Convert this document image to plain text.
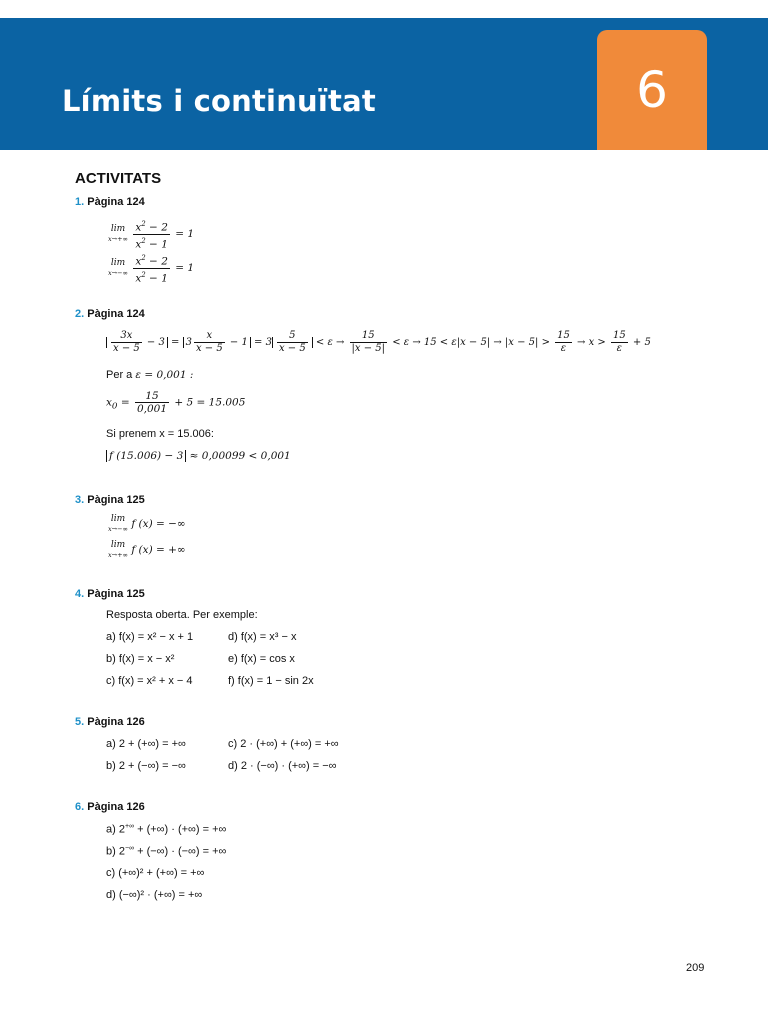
Límits i continuïtat	6
ACTIVITATS
1. Pàgina 124
lim
x→+∞
$\frac{x^2 - 2}{x^2 - 1} = 1$
lim
x→−∞
$\frac{x^2 - 2}{x^2 - 1} = 1$
2. Pàgina 124
$\frac{3x}{x - 5} - 3 = 3 \frac{x}{x - 5} - 1 = 3 \frac{5}{x - 5} < \varepsilon \to \frac{15}{|x - 5|} < \varepsilon \to 15 < \varepsilon|x - 5| \to |x - 5| > \frac{15}{\varepsilon} \to x > \frac{15}{\varepsilon} + 5$
Per a ε = 0,001 :
$x_0 = \frac{15}{0,001} + 5 = 15.005$
Si prenem x = 15.006:
f (15.006) − 3 ≈ 0,00099 < 0,001
3. Pàgina 125
lim
x→−∞ f (x) = −∞
lim
x→+∞ f (x) = +∞
4. Pàgina 125
Resposta oberta. Per exemple:
a) f(x) = x² − x + 1
b) f(x) = x − x²
c) f(x) = x² + x − 4
d) f(x) = x³ − x
e) f(x) = cos x
f) f(x) = 1 − sin 2x
5. Pàgina 126
a) 2 + (+∞) = +∞
b) 2 + (−∞) = −∞
c) 2 · (+∞) + (+∞) = +∞
d) 2 · (−∞) · (+∞) = −∞
6. Pàgina 126
a) 2+∞ + (+∞) · (+∞) = +∞
b) 2−∞ + (−∞) · (−∞) = +∞
c) (+∞)² + (+∞) = +∞
d) (−∞)² · (+∞) = +∞
209
